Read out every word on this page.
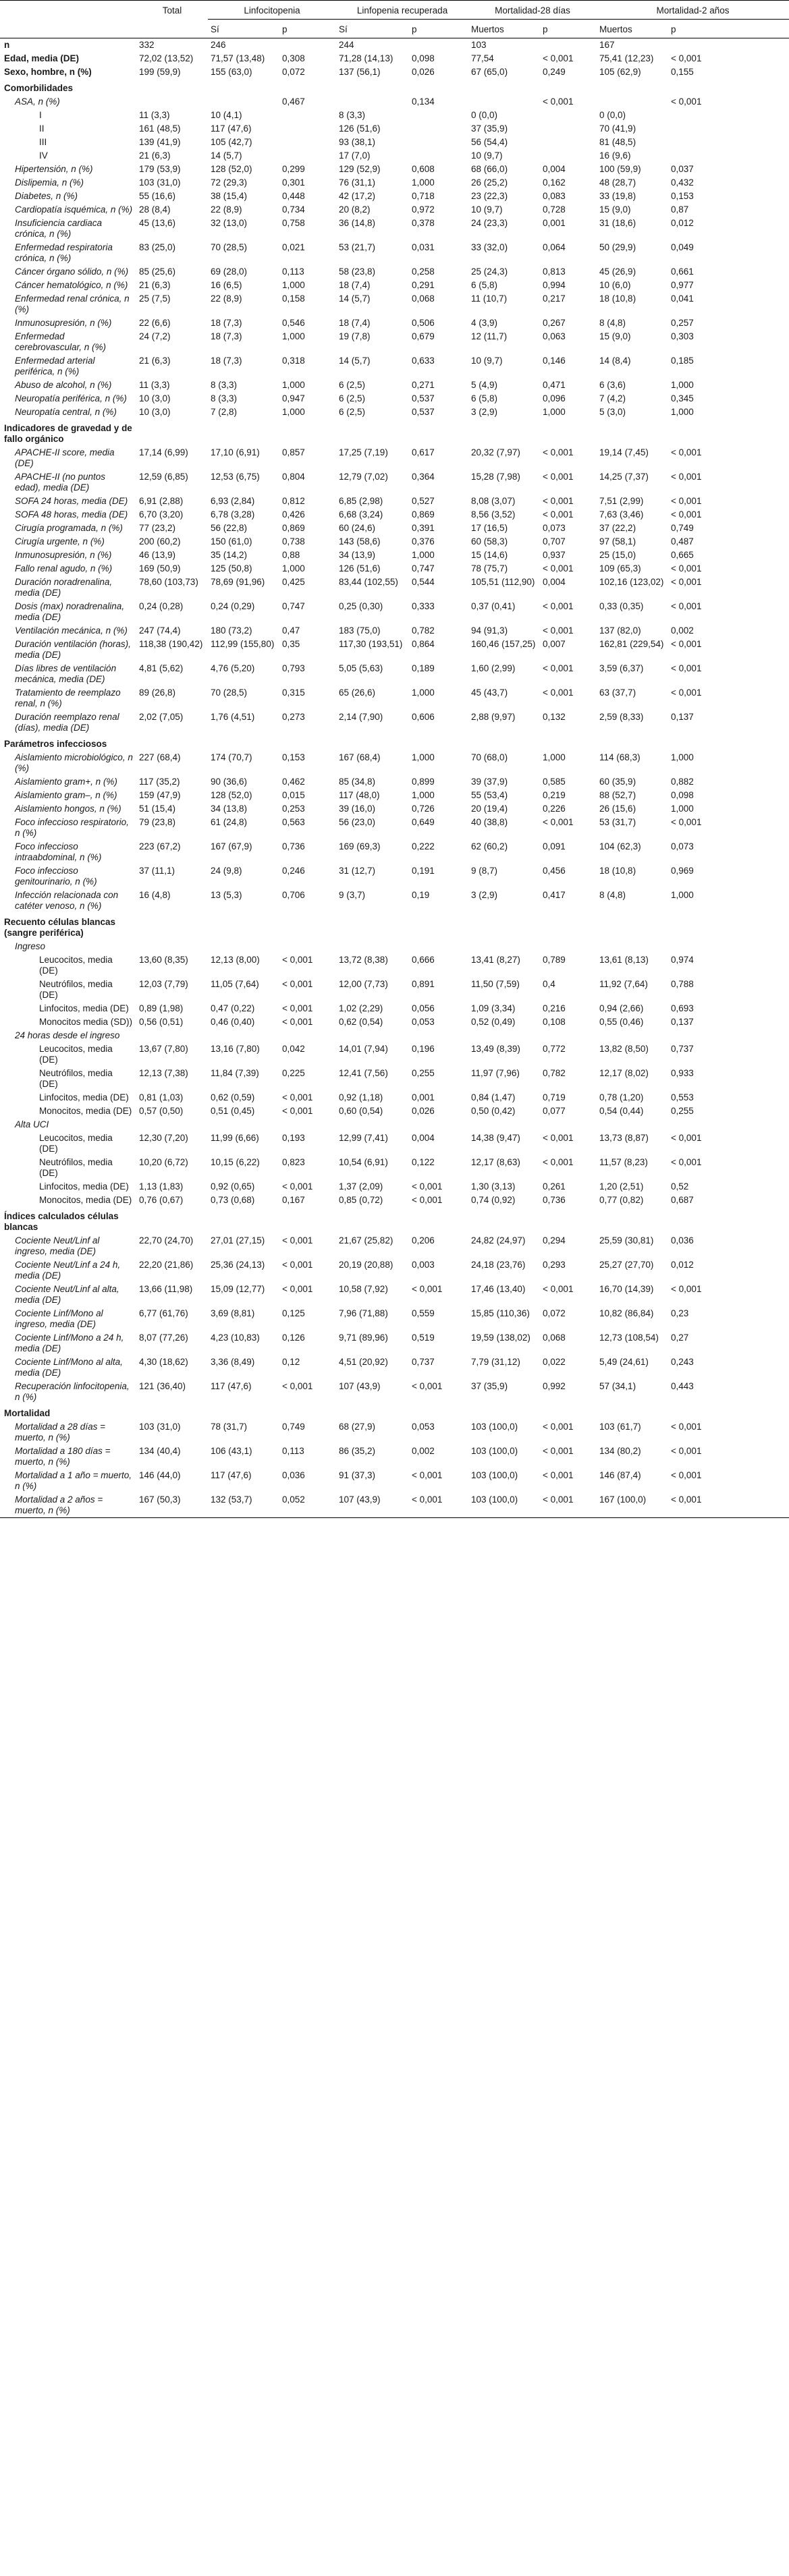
	Total	Linfocitopenia		Linfopenia recuperada		Mortalidad-28 días		Mortalidad-2 años	
		Sí	p	Sí	p	Muertos	p	Muertos	p
n	332	246		244		103		167	
Edad, media (DE)	72,02 (13,52)	71,57 (13,48)	0,308	71,28 (14,13)	0,098	77,54	< 0,001	75,41 (12,23)	< 0,001
Sexo, hombre, n (%)	199 (59,9)	155 (63,0)	0,072	137 (56,1)	0,026	67 (65,0)	0,249	105 (62,9)	0,155
Comorbilidades									
ASA, n (%)			0,467		0,134		< 0,001		< 0,001
I	11 (3,3)	10 (4,1)		8 (3,3)		0 (0,0)		0 (0,0)	
II	161 (48,5)	117 (47,6)		126 (51,6)		37 (35,9)		70 (41,9)	
III	139 (41,9)	105 (42,7)		93 (38,1)		56 (54,4)		81 (48,5)	
IV	21 (6,3)	14 (5,7)		17 (7,0)		10 (9,7)		16 (9,6)	
Hipertensión, n (%)	179 (53,9)	128 (52,0)	0,299	129 (52,9)	0,608	68 (66,0)	0,004	100 (59,9)	0,037
Dislipemia, n (%)	103 (31,0)	72 (29,3)	0,301	76 (31,1)	1,000	26 (25,2)	0,162	48 (28,7)	0,432
Diabetes, n (%)	55 (16,6)	38 (15,4)	0,448	42 (17,2)	0,718	23 (22,3)	0,083	33 (19,8)	0,153
Cardiopatía isquémica, n (%)	28 (8,4)	22 (8,9)	0,734	20 (8,2)	0,972	10 (9,7)	0,728	15 (9,0)	0,87
Insuficiencia cardiaca crónica, n (%)	45 (13,6)	32 (13,0)	0,758	36 (14,8)	0,378	24 (23,3)	0,001	31 (18,6)	0,012
Enfermedad respiratoria crónica, n (%)	83 (25,0)	70 (28,5)	0,021	53 (21,7)	0,031	33 (32,0)	0,064	50 (29,9)	0,049
Cáncer órgano sólido, n (%)	85 (25,6)	69 (28,0)	0,113	58 (23,8)	0,258	25 (24,3)	0,813	45 (26,9)	0,661
Cáncer hematológico, n (%)	21 (6,3)	16 (6,5)	1,000	18 (7,4)	0,291	6 (5,8)	0,994	10 (6,0)	0,977
Enfermedad renal crónica, n (%)	25 (7,5)	22 (8,9)	0,158	14 (5,7)	0,068	11 (10,7)	0,217	18 (10,8)	0,041
Inmunosupresión, n (%)	22 (6,6)	18 (7,3)	0,546	18 (7,4)	0,506	4 (3,9)	0,267	8 (4,8)	0,257
Enfermedad cerebrovascular, n (%)	24 (7,2)	18 (7,3)	1,000	19 (7,8)	0,679	12 (11,7)	0,063	15 (9,0)	0,303
Enfermedad arterial periférica, n (%)	21 (6,3)	18 (7,3)	0,318	14 (5,7)	0,633	10 (9,7)	0,146	14 (8,4)	0,185
Abuso de alcohol, n (%)	11 (3,3)	8 (3,3)	1,000	6 (2,5)	0,271	5 (4,9)	0,471	6 (3,6)	1,000
Neuropatía periférica, n (%)	10 (3,0)	8 (3,3)	0,947	6 (2,5)	0,537	6 (5,8)	0,096	7 (4,2)	0,345
Neuropatía central, n (%)	10 (3,0)	7 (2,8)	1,000	6 (2,5)	0,537	3 (2,9)	1,000	5 (3,0)	1,000
Indicadores de gravedad y de fallo orgánico									
APACHE-II score, media (DE)	17,14 (6,99)	17,10 (6,91)	0,857	17,25 (7,19)	0,617	20,32 (7,97)	< 0,001	19,14 (7,45)	< 0,001
APACHE-II (no puntos edad), media (DE)	12,59 (6,85)	12,53 (6,75)	0,804	12,79 (7,02)	0,364	15,28 (7,98)	< 0,001	14,25 (7,37)	< 0,001
SOFA 24 horas, media (DE)	6,91 (2,88)	6,93 (2,84)	0,812	6,85 (2,98)	0,527	8,08 (3,07)	< 0,001	7,51 (2,99)	< 0,001
SOFA 48 horas, media (DE)	6,70 (3,20)	6,78 (3,28)	0,426	6,68 (3,24)	0,869	8,56 (3,52)	< 0,001	7,63 (3,46)	< 0,001
Cirugía programada, n (%)	77 (23,2)	56 (22,8)	0,869	60 (24,6)	0,391	17 (16,5)	0,073	37 (22,2)	0,749
Cirugía urgente, n (%)	200 (60,2)	150 (61,0)	0,738	143 (58,6)	0,376	60 (58,3)	0,707	97 (58,1)	0,487
Inmunosupresión, n (%)	46 (13,9)	35 (14,2)	0,88	34 (13,9)	1,000	15 (14,6)	0,937	25 (15,0)	0,665
Fallo renal agudo, n (%)	169 (50,9)	125 (50,8)	1,000	126 (51,6)	0,747	78 (75,7)	< 0,001	109 (65,3)	< 0,001
Duración noradrenalina, media (DE)	78,60 (103,73)	78,69 (91,96)	0,425	83,44 (102,55)	0,544	105,51 (112,90)	0,004	102,16 (123,02)	< 0,001
Dosis (max) noradrenalina, media (DE)	0,24 (0,28)	0,24 (0,29)	0,747	0,25 (0,30)	0,333	0,37 (0,41)	< 0,001	0,33 (0,35)	< 0,001
Ventilación mecánica, n (%)	247 (74,4)	180 (73,2)	0,47	183 (75,0)	0,782	94 (91,3)	< 0,001	137 (82,0)	0,002
Duración ventilación (horas), media (DE)	118,38 (190,42)	112,99 (155,80)	0,35	117,30 (193,51)	0,864	160,46 (157,25)	0,007	162,81 (229,54)	< 0,001
Días libres de ventilación mecánica, media (DE)	4,81 (5,62)	4,76 (5,20)	0,793	5,05 (5,63)	0,189	1,60 (2,99)	< 0,001	3,59 (6,37)	< 0,001
Tratamiento de reemplazo renal, n (%)	89 (26,8)	70 (28,5)	0,315	65 (26,6)	1,000	45 (43,7)	< 0,001	63 (37,7)	< 0,001
Duración reemplazo renal (días), media (DE)	2,02 (7,05)	1,76 (4,51)	0,273	2,14 (7,90)	0,606	2,88 (9,97)	0,132	2,59 (8,33)	0,137
Parámetros infecciosos									
Aislamiento microbiológico, n (%)	227 (68,4)	174 (70,7)	0,153	167 (68,4)	1,000	70 (68,0)	1,000	114 (68,3)	1,000
Aislamiento gram+, n (%)	117 (35,2)	90 (36,6)	0,462	85 (34,8)	0,899	39 (37,9)	0,585	60 (35,9)	0,882
Aislamiento gram–, n (%)	159 (47,9)	128 (52,0)	0,015	117 (48,0)	1,000	55 (53,4)	0,219	88 (52,7)	0,098
Aislamiento hongos, n (%)	51 (15,4)	34 (13,8)	0,253	39 (16,0)	0,726	20 (19,4)	0,226	26 (15,6)	1,000
Foco infeccioso respiratorio, n (%)	79 (23,8)	61 (24,8)	0,563	56 (23,0)	0,649	40 (38,8)	< 0,001	53 (31,7)	< 0,001
Foco infeccioso intraabdominal, n (%)	223 (67,2)	167 (67,9)	0,736	169 (69,3)	0,222	62 (60,2)	0,091	104 (62,3)	0,073
Foco infeccioso genitourinario, n (%)	37 (11,1)	24 (9,8)	0,246	31 (12,7)	0,191	9 (8,7)	0,456	18 (10,8)	0,969
Infección relacionada con catéter venoso, n (%)	16 (4,8)	13 (5,3)	0,706	9 (3,7)	0,19	3 (2,9)	0,417	8 (4,8)	1,000
Recuento células blancas (sangre periférica)									
Ingreso									
Leucocitos, media (DE)	13,60 (8,35)	12,13 (8,00)	< 0,001	13,72 (8,38)	0,666	13,41 (8,27)	0,789	13,61 (8,13)	0,974
Neutrófilos, media (DE)	12,03 (7,79)	11,05 (7,64)	< 0,001	12,00 (7,73)	0,891	11,50 (7,59)	0,4	11,92 (7,64)	0,788
Linfocitos, media (DE)	0,89 (1,98)	0,47 (0,22)	< 0,001	1,02 (2,29)	0,056	1,09 (3,34)	0,216	0,94 (2,66)	0,693
Monocitos media (SD))	0,56 (0,51)	0,46 (0,40)	< 0,001	0,62 (0,54)	0,053	0,52 (0,49)	0,108	0,55 (0,46)	0,137
24 horas desde el ingreso									
Leucocitos, media (DE)	13,67 (7,80)	13,16 (7,80)	0,042	14,01 (7,94)	0,196	13,49 (8,39)	0,772	13,82 (8,50)	0,737
Neutrófilos, media (DE)	12,13 (7,38)	11,84 (7,39)	0,225	12,41 (7,56)	0,255	11,97 (7,96)	0,782	12,17 (8,02)	0,933
Linfocitos, media (DE)	0,81 (1,03)	0,62 (0,59)	< 0,001	0,92 (1,18)	0,001	0,84 (1,47)	0,719	0,78 (1,20)	0,553
Monocitos, media (DE)	0,57 (0,50)	0,51 (0,45)	< 0,001	0,60 (0,54)	0,026	0,50 (0,42)	0,077	0,54 (0,44)	0,255
Alta UCI									
Leucocitos, media (DE)	12,30 (7,20)	11,99 (6,66)	0,193	12,99 (7,41)	0,004	14,38 (9,47)	< 0,001	13,73 (8,87)	< 0,001
Neutrófilos, media (DE)	10,20 (6,72)	10,15 (6,22)	0,823	10,54 (6,91)	0,122	12,17 (8,63)	< 0,001	11,57 (8,23)	< 0,001
Linfocitos, media (DE)	1,13 (1,83)	0,92 (0,65)	< 0,001	1,37 (2,09)	< 0,001	1,30 (3,13)	0,261	1,20 (2,51)	0,52
Monocitos, media (DE)	0,76 (0,67)	0,73 (0,68)	0,167	0,85 (0,72)	< 0,001	0,74 (0,92)	0,736	0,77 (0,82)	0,687
Índices calculados células blancas									
Cociente Neut/Linf al ingreso, media (DE)	22,70 (24,70)	27,01 (27,15)	< 0,001	21,67 (25,82)	0,206	24,82 (24,97)	0,294	25,59 (30,81)	0,036
Cociente Neut/Linf a 24 h, media (DE)	22,20 (21,86)	25,36 (24,13)	< 0,001	20,19 (20,88)	0,003	24,18 (23,76)	0,293	25,27 (27,70)	0,012
Cociente Neut/Linf al alta, media (DE)	13,66 (11,98)	15,09 (12,77)	< 0,001	10,58 (7,92)	< 0,001	17,46 (13,40)	< 0,001	16,70 (14,39)	< 0,001
Cociente Linf/Mono al ingreso, media (DE)	6,77 (61,76)	3,69 (8,81)	0,125	7,96 (71,88)	0,559	15,85 (110,36)	0,072	10,82 (86,84)	0,23
Cociente Linf/Mono a 24 h, media (DE)	8,07 (77,26)	4,23 (10,83)	0,126	9,71 (89,96)	0,519	19,59 (138,02)	0,068	12,73 (108,54)	0,27
Cociente Linf/Mono al alta, media (DE)	4,30 (18,62)	3,36 (8,49)	0,12	4,51 (20,92)	0,737	7,79 (31,12)	0,022	5,49 (24,61)	0,243
Recuperación linfocitopenia, n (%)	121 (36,40)	117 (47,6)	< 0,001	107 (43,9)	< 0,001	37 (35,9)	0,992	57 (34,1)	0,443
Mortalidad									
Mortalidad a 28 días = muerto, n (%)	103 (31,0)	78 (31,7)	0,749	68 (27,9)	0,053	103 (100,0)	< 0,001	103 (61,7)	< 0,001
Mortalidad a 180 días = muerto, n (%)	134 (40,4)	106 (43,1)	0,113	86 (35,2)	0,002	103 (100,0)	< 0,001	134 (80,2)	< 0,001
Mortalidad a 1 año = muerto, n (%)	146 (44,0)	117 (47,6)	0,036	91 (37,3)	< 0,001	103 (100,0)	< 0,001	146 (87,4)	< 0,001
Mortalidad a 2 años = muerto, n (%)	167 (50,3)	132 (53,7)	0,052	107 (43,9)	< 0,001	103 (100,0)	< 0,001	167 (100,0)	< 0,001
